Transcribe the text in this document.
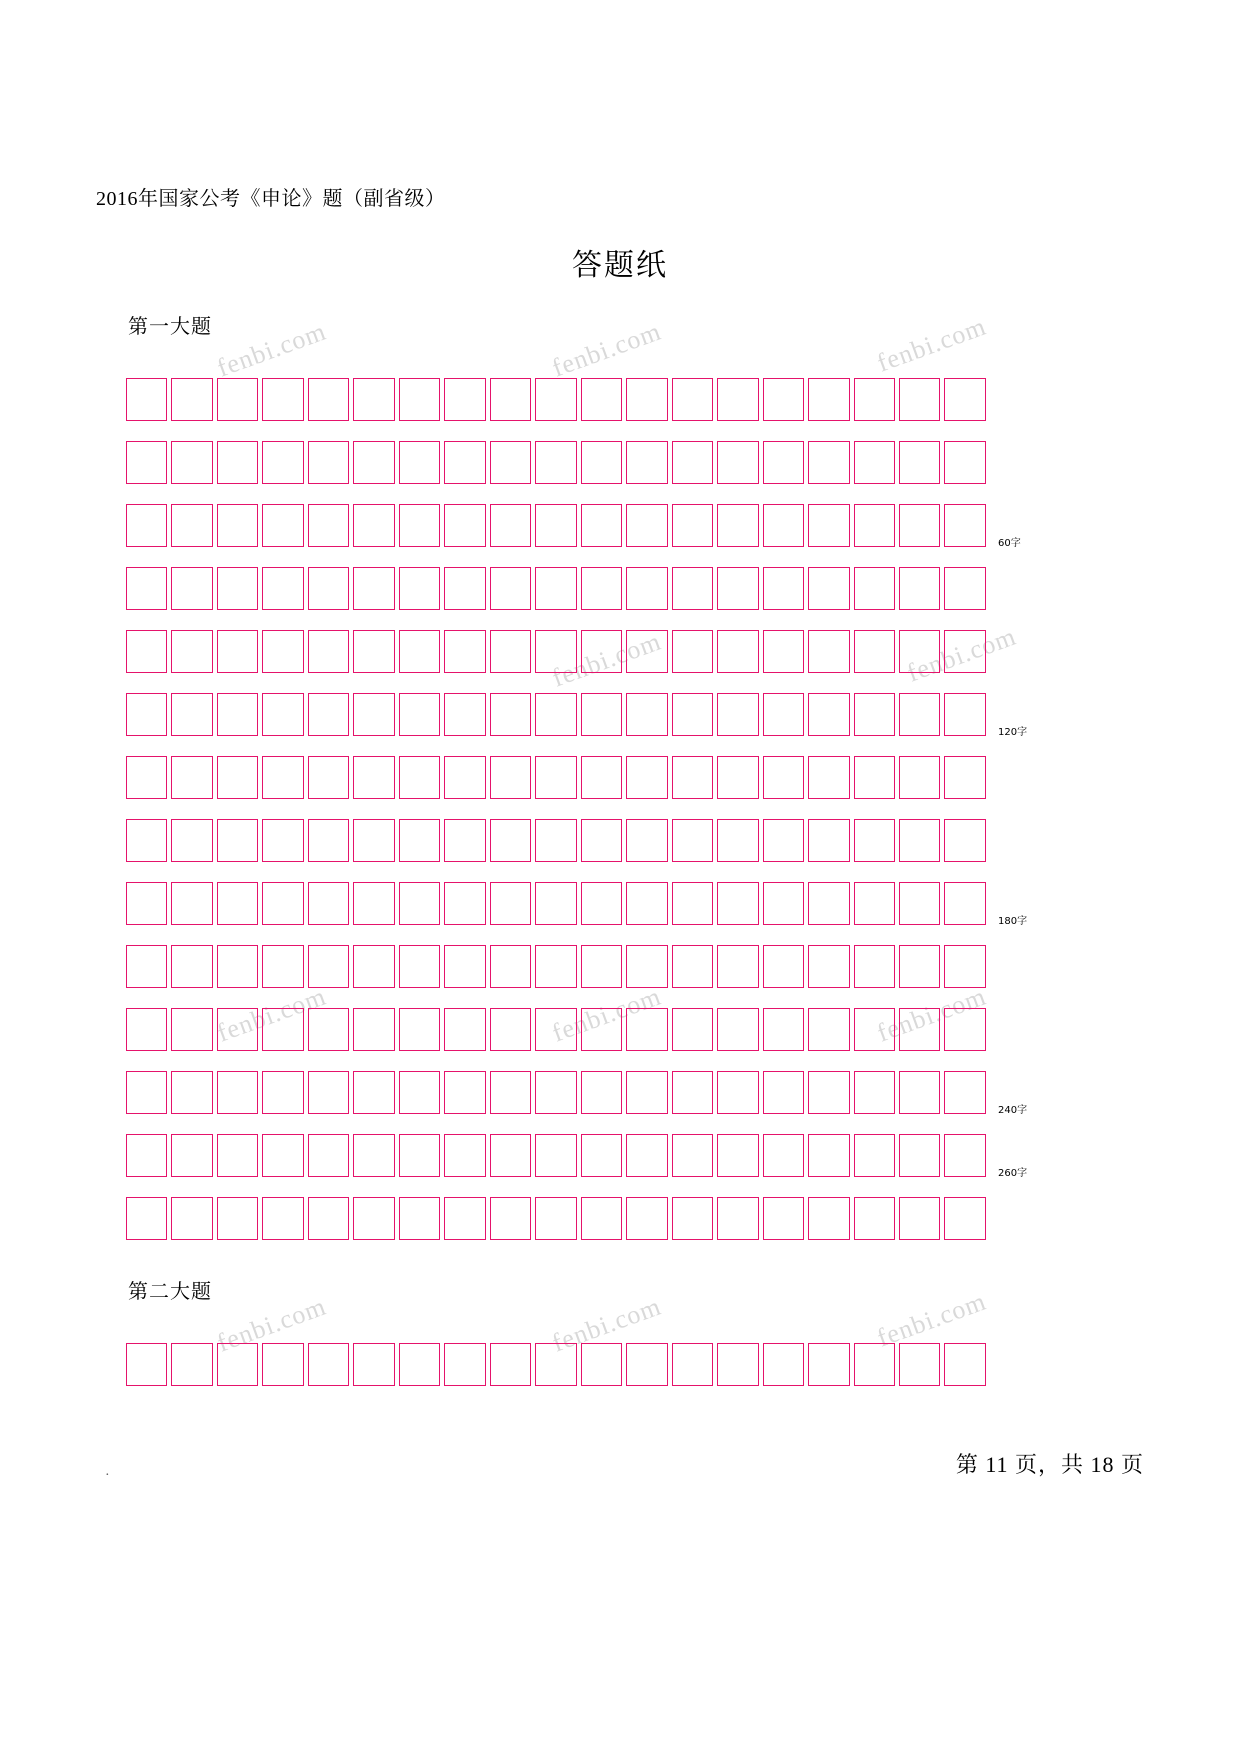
fenbi.com	fenbi.com	fenbi.com
fenbi.com	fenbi.com
fenbi.com	fenbi.com	fenbi.com
fenbi.com	fenbi.com	fenbi.com
2016年国家公考《申论》题（副省级）
答题纸
第一大题
60字
120字
180字
240字
260字
第二大题
·	第 11 页，共 18 页
